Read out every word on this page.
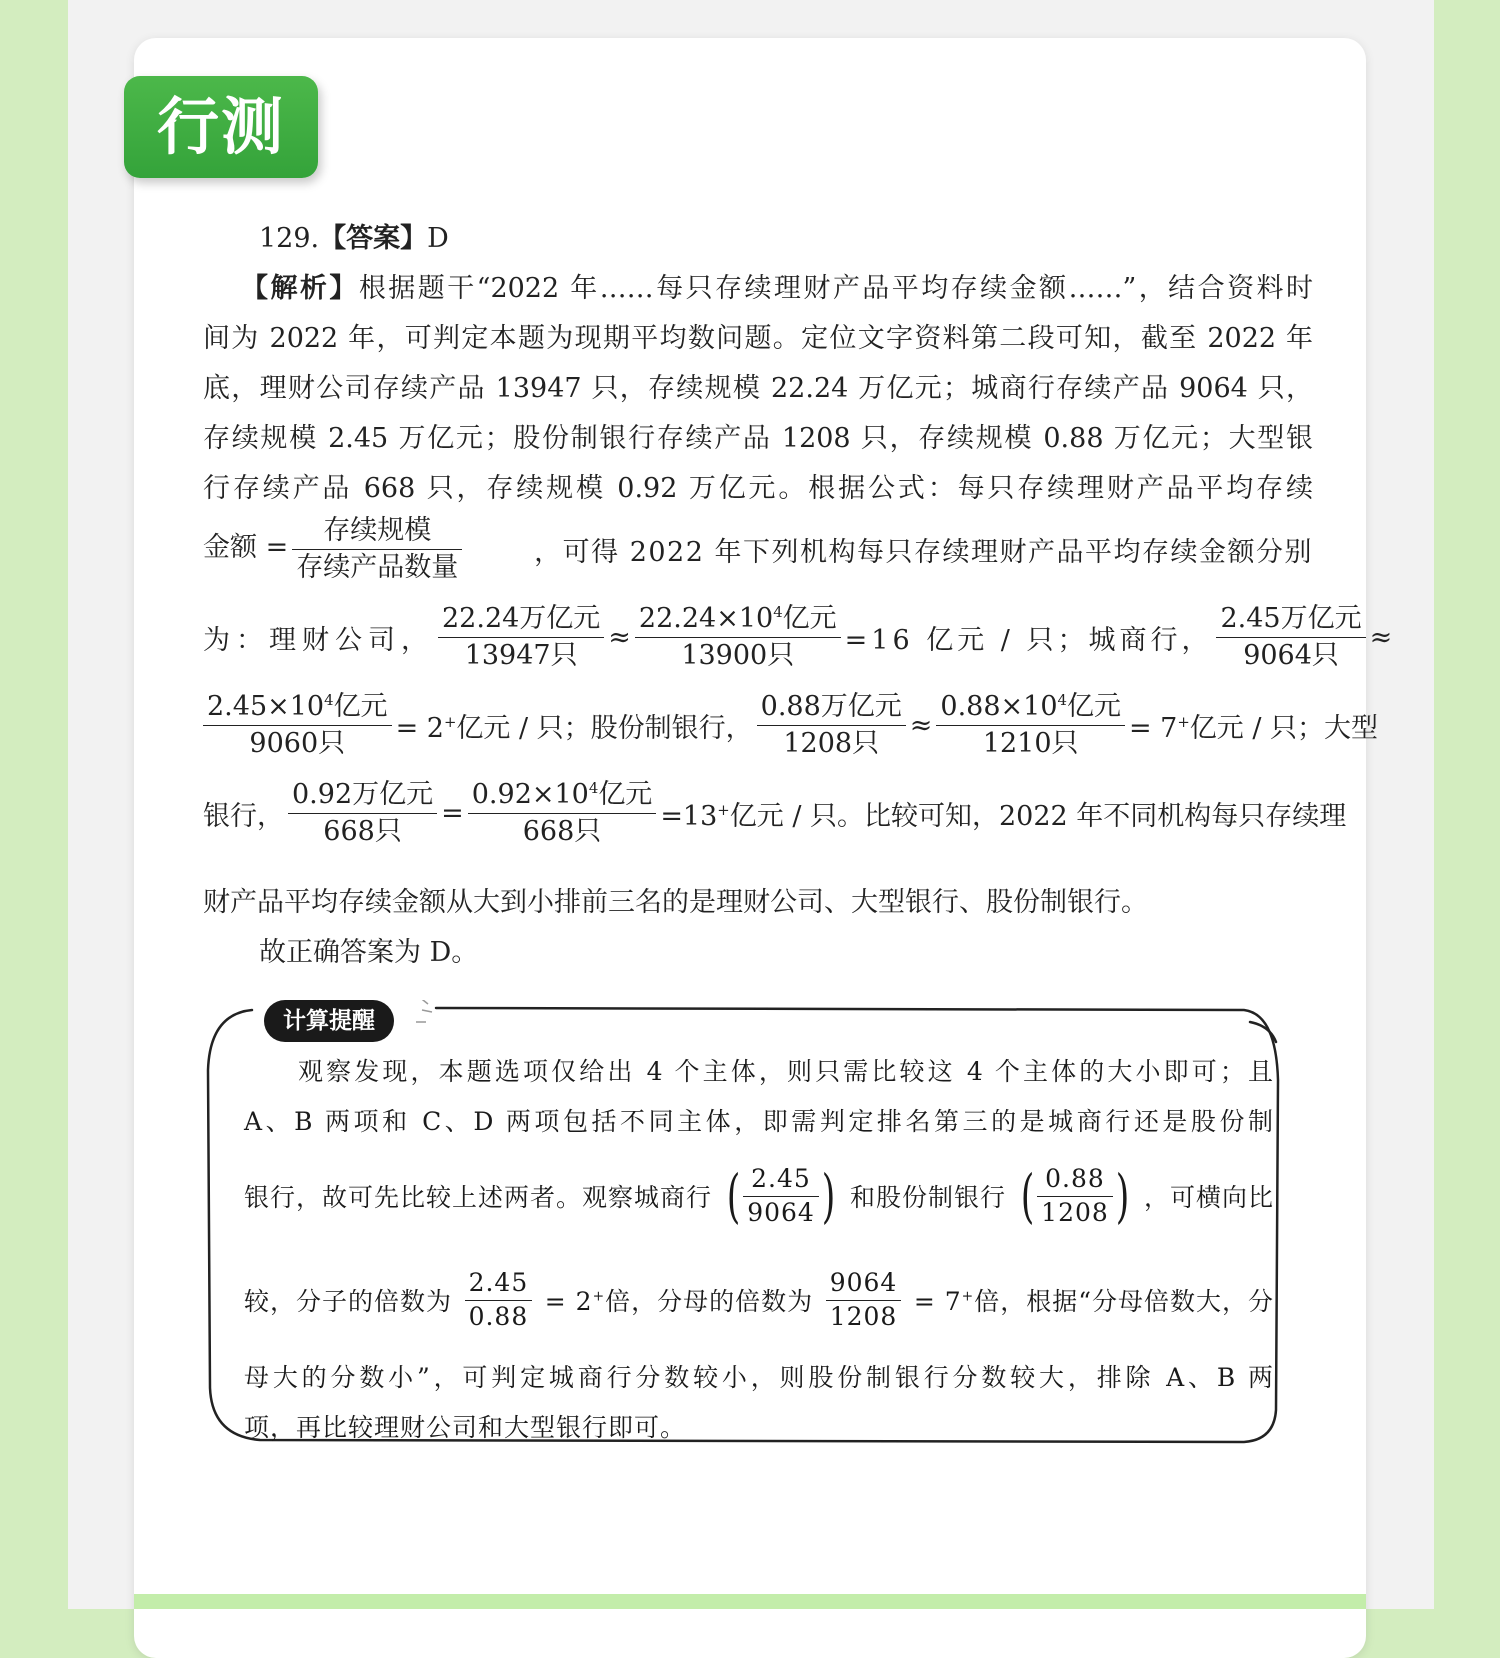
行测
129.【答案】D
【解析】根据题干“2022 年……每只存续理财产品平均存续金额……”，结合资料时
间为 2022 年，可判定本题为现期平均数问题。定位文字资料第二段可知，截至 2022 年
底，理财公司存续产品 13947 只，存续规模 22.24 万亿元；城商行存续产品 9064 只，
存续规模 2.45 万亿元；股份制银行存续产品 1208 只，存续规模 0.88 万亿元；大型银
行存续产品 668 只，存续规模 0.92 万亿元。根据公式：每只存续理财产品平均存续
金额 = $\frac{\text{存续规模}}{\text{存续产品数量}}$	，可得 2022 年下列机构每只存续理财产品平均存续金额分别
为：理财公司， $\frac{\text{22.24万亿元}}{\text{13947只}} \approx \frac{22.24\times 10^4亿元}{\text{13900只}} =16$ 亿元 / 只；城商行， $\frac{\text{2.45万亿元}}{\text{9064只}}$ ≈
$\frac{2.45\times 10^4亿元}{\text{9060只}} = 2^+$亿元 / 只；股份制银行， $\frac{\text{0.88万亿元}}{\text{1208只}} \approx \frac{0.88\times 10^4亿元}{\text{1210只}} = 7^+$亿元 / 只；大型
银行， $\frac{\text{0.92万亿元}}{\text{668只}} = \frac{0.92\times 10^4亿元}{\text{668只}} =13^+$亿元 / 只。比较可知，2022 年不同机构每只存续理
财产品平均存续金额从大到小排前三名的是理财公司、大型银行、股份制银行。
故正确答案为 D。
计算提醒
观察发现，本题选项仅给出 4 个主体，则只需比较这 4 个主体的大小即可；且
A、B 两项和 C、D 两项包括不同主体，即需判定排名第三的是城商行还是股份制
银行，故可先比较上述两者。观察城商行 ( $\frac{2.45}{9064}$ ) 和股份制银行 ( $\frac{0.88}{1208}$ ) ，可横向比
较，分子的倍数为 $\frac{2.45}{0.88} = 2^+$倍，分母的倍数为 $\frac{9064}{1208} = 7^+$倍，根据“分母倍数大，分
母大的分数小”，可判定城商行分数较小，则股份制银行分数较大，排除 A、B 两
项，再比较理财公司和大型银行即可。
